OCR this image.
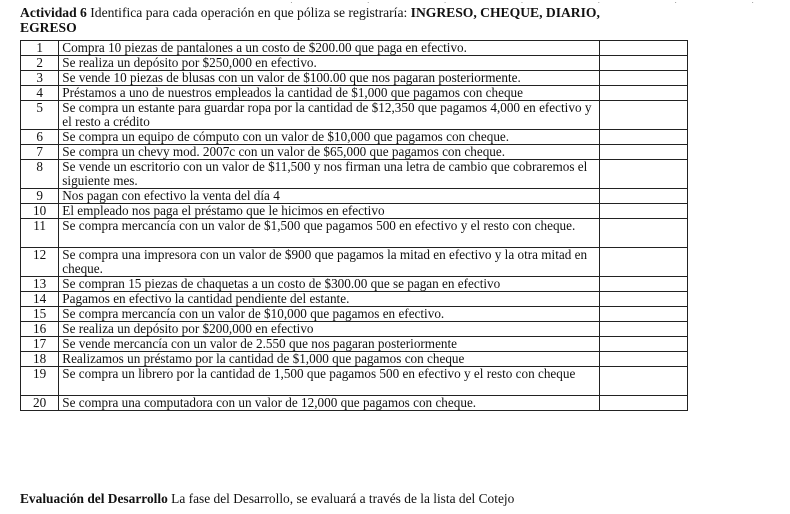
· · · · · · ·
Actividad 6 Identifica para cada operación en que póliza se registraría: INGRESO, CHEQUE, DIARIO,
EGRESO
1	Compra 10 piezas de pantalones a un costo de $200.00 que paga en efectivo.	
2	Se realiza un depósito por $250,000 en efectivo.	
3	Se vende 10 piezas de blusas con un valor de $100.00 que nos pagaran posteriormente.	
4	Préstamos a uno de nuestros empleados la cantidad de $1,000 que pagamos con cheque	
5	Se compra un estante para guardar ropa por la cantidad de $12,350 que pagamos 4,000 en efectivo y el resto a crédito	
6	Se compra un equipo de cómputo con un valor de $10,000 que pagamos con cheque.	
7	Se compra un chevy mod. 2007c con un valor de $65,000 que pagamos con cheque.	
8	Se vende un escritorio con un valor de $11,500 y nos firman una letra de cambio que cobraremos el siguiente mes.	
9	Nos pagan con efectivo la venta del día 4	
10	El empleado nos paga el préstamo que le hicimos en efectivo	
11	Se compra mercancía con un valor de $1,500 que pagamos 500 en efectivo y el resto con cheque.	
12	Se compra una impresora con un valor de $900 que pagamos la mitad en efectivo y la otra mitad en cheque.	
13	Se compran 15 piezas de chaquetas a un costo de $300.00 que se pagan en efectivo	
14	Pagamos en efectivo la cantidad pendiente del estante.	
15	Se compra mercancía con un valor de $10,000 que pagamos en efectivo.	
16	Se realiza un depósito por $200,000 en efectivo	
17	Se vende mercancía con un valor de 2.550 que nos pagaran posteriormente	
18	Realizamos un préstamo por la cantidad de $1,000 que pagamos con cheque	
19	Se compra un librero por la cantidad de 1,500 que pagamos 500 en efectivo y el resto con cheque	
20	Se compra una computadora con un valor de 12,000 que pagamos con cheque.	
Evaluación del Desarrollo La fase del Desarrollo, se evaluará a través de la lista del Cotejo
